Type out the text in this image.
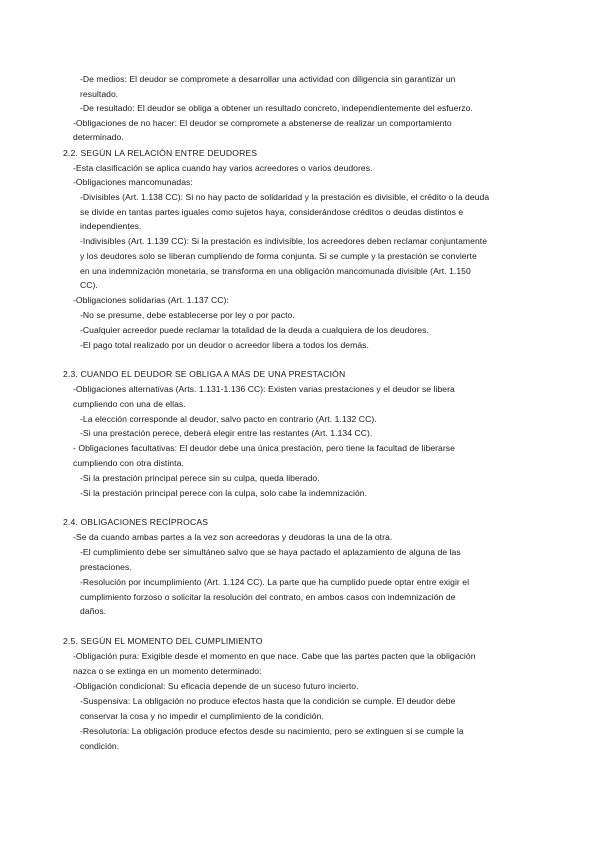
-De medios: El deudor se compromete a desarrollar una actividad con diligencia sin garantizar un
resultado.
-De resultado: El deudor se obliga a obtener un resultado concreto, independientemente del esfuerzo.
-Obligaciones de no hacer: El deudor se compromete a abstenerse de realizar un comportamiento
determinado.
2.2. SEGÚN LA RELACIÓN ENTRE DEUDORES
-Esta clasificación se aplica cuando hay varios acreedores o varios deudores.
-Obligaciones mancomunadas:
-Divisibles (Art. 1.138 CC): Si no hay pacto de solidaridad y la prestación es divisible, el crédito o la deuda
se divide en tantas partes iguales como sujetos haya, considerándose créditos o deudas distintos e
independientes.
-Indivisibles (Art. 1.139 CC): Si la prestación es indivisible, los acreedores deben reclamar conjuntamente
y los deudores solo se liberan cumpliendo de forma conjunta. Si se cumple y la prestación se convierte
en una indemnización monetaria, se transforma en una obligación mancomunada divisible (Art. 1.150
CC).
-Obligaciones solidarias (Art. 1.137 CC):
-No se presume, debe establecerse por ley o por pacto.
-Cualquier acreedor puede reclamar la totalidad de la deuda a cualquiera de los deudores.
-El pago total realizado por un deudor o acreedor libera a todos los demás.
2.3. CUANDO EL DEUDOR SE OBLIGA A MÁS DE UNA PRESTACIÓN
-Obligaciones alternativas (Arts. 1.131-1.136 CC): Existen varias prestaciones y el deudor se libera
cumpliendo con una de ellas.
-La elección corresponde al deudor, salvo pacto en contrario (Art. 1.132 CC).
-Si una prestación perece, deberá elegir entre las restantes (Art. 1.134 CC).
- Obligaciones facultativas: El deudor debe una única prestación, pero tiene la facultad de liberarse
cumpliendo con otra distinta.
-Si la prestación principal perece sin su culpa, queda liberado.
-Si la prestación principal perece con la culpa, solo cabe la indemnización.
2.4. OBLIGACIONES RECÍPROCAS
-Se da cuando ambas partes a la vez son acreedoras y deudoras la una de la otra.
-El cumplimiento debe ser simultáneo salvo que se haya pactado el aplazamiento de alguna de las
prestaciones.
-Resolución por incumplimiento (Art. 1.124 CC). La parte que ha cumplido puede optar entre exigir el
cumplimiento forzoso o solicitar la resolución del contrato, en ambos casos con indemnización de
daños.
2.5. SEGÚN EL MOMENTO DEL CUMPLIMIENTO
-Obligación pura: Exigible desde el momento en que nace. Cabe que las partes pacten que la obligación
nazca o se extinga en un momento determinado:
-Obligación condicional: Su eficacia depende de un suceso futuro incierto.
-Suspensiva: La obligación no produce efectos hasta que la condición se cumple. El deudor debe
conservar la cosa y no impedir el cumplimiento de la condición.
-Resolutoria: La obligación produce efectos desde su nacimiento, pero se extinguen si se cumple la
condición.
